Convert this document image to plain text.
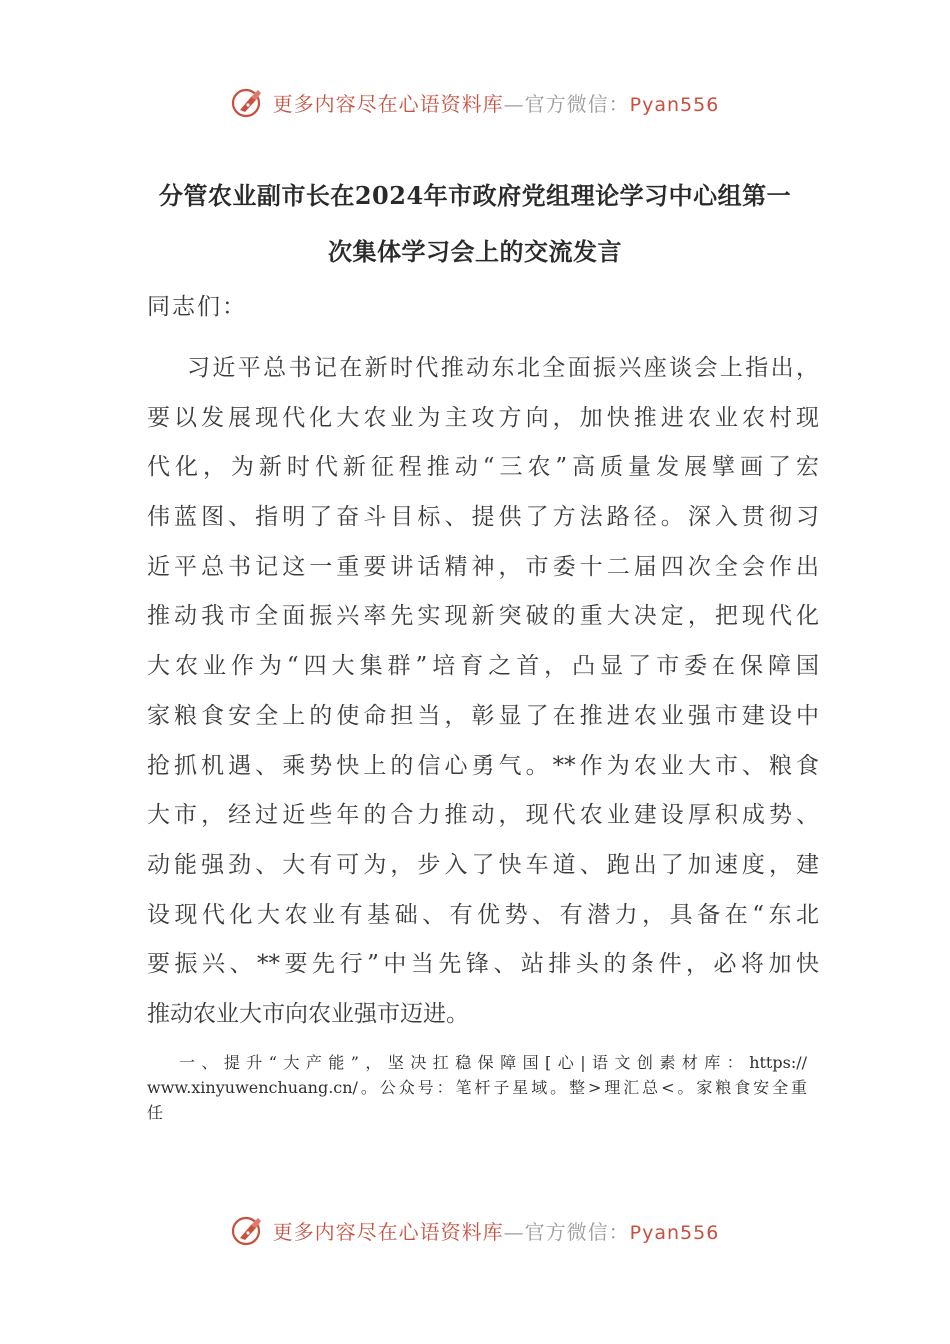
更多内容尽在心语资料库 — 官方微信： Pyan556
分管农业副市长在2024年市政府党组理论学习中心组第一
次集体学习会上的交流发言

同志们：

习近平总书记在新时代推动东北全面振兴座谈会上指出，
要以发展现代化大农业为主攻方向，加快推进农业农村现
代化，为新时代新征程推动“三农”高质量发展擘画了宏
伟蓝图、指明了奋斗目标、提供了方法路径。深入贯彻习
近平总书记这一重要讲话精神，市委十二届四次全会作出
推动我市全面振兴率先实现新突破的重大决定，把现代化
大农业作为“四大集群”培育之首，凸显了市委在保障国
家粮食安全上的使命担当，彰显了在推进农业强市建设中
抢抓机遇、乘势快上的信心勇气。**作为农业大市、粮食
大市，经过近些年的合力推动，现代农业建设厚积成势、
动能强劲、大有可为，步入了快车道、跑出了加速度，建
设现代化大农业有基础、有优势、有潜力，具备在“东北
要振兴、**要先行”中当先锋、站排头的条件，必将加快
推动农业大市向农业强市迈进。
一、提升“大产能”，坚决扛稳保障国[心|语文创素材库：https://
www.xinyuwenchuang.cn/。公众号：笔杆子星域。整>理汇总<。家粮食安全重
任
更多内容尽在心语资料库 — 官方微信： Pyan556
